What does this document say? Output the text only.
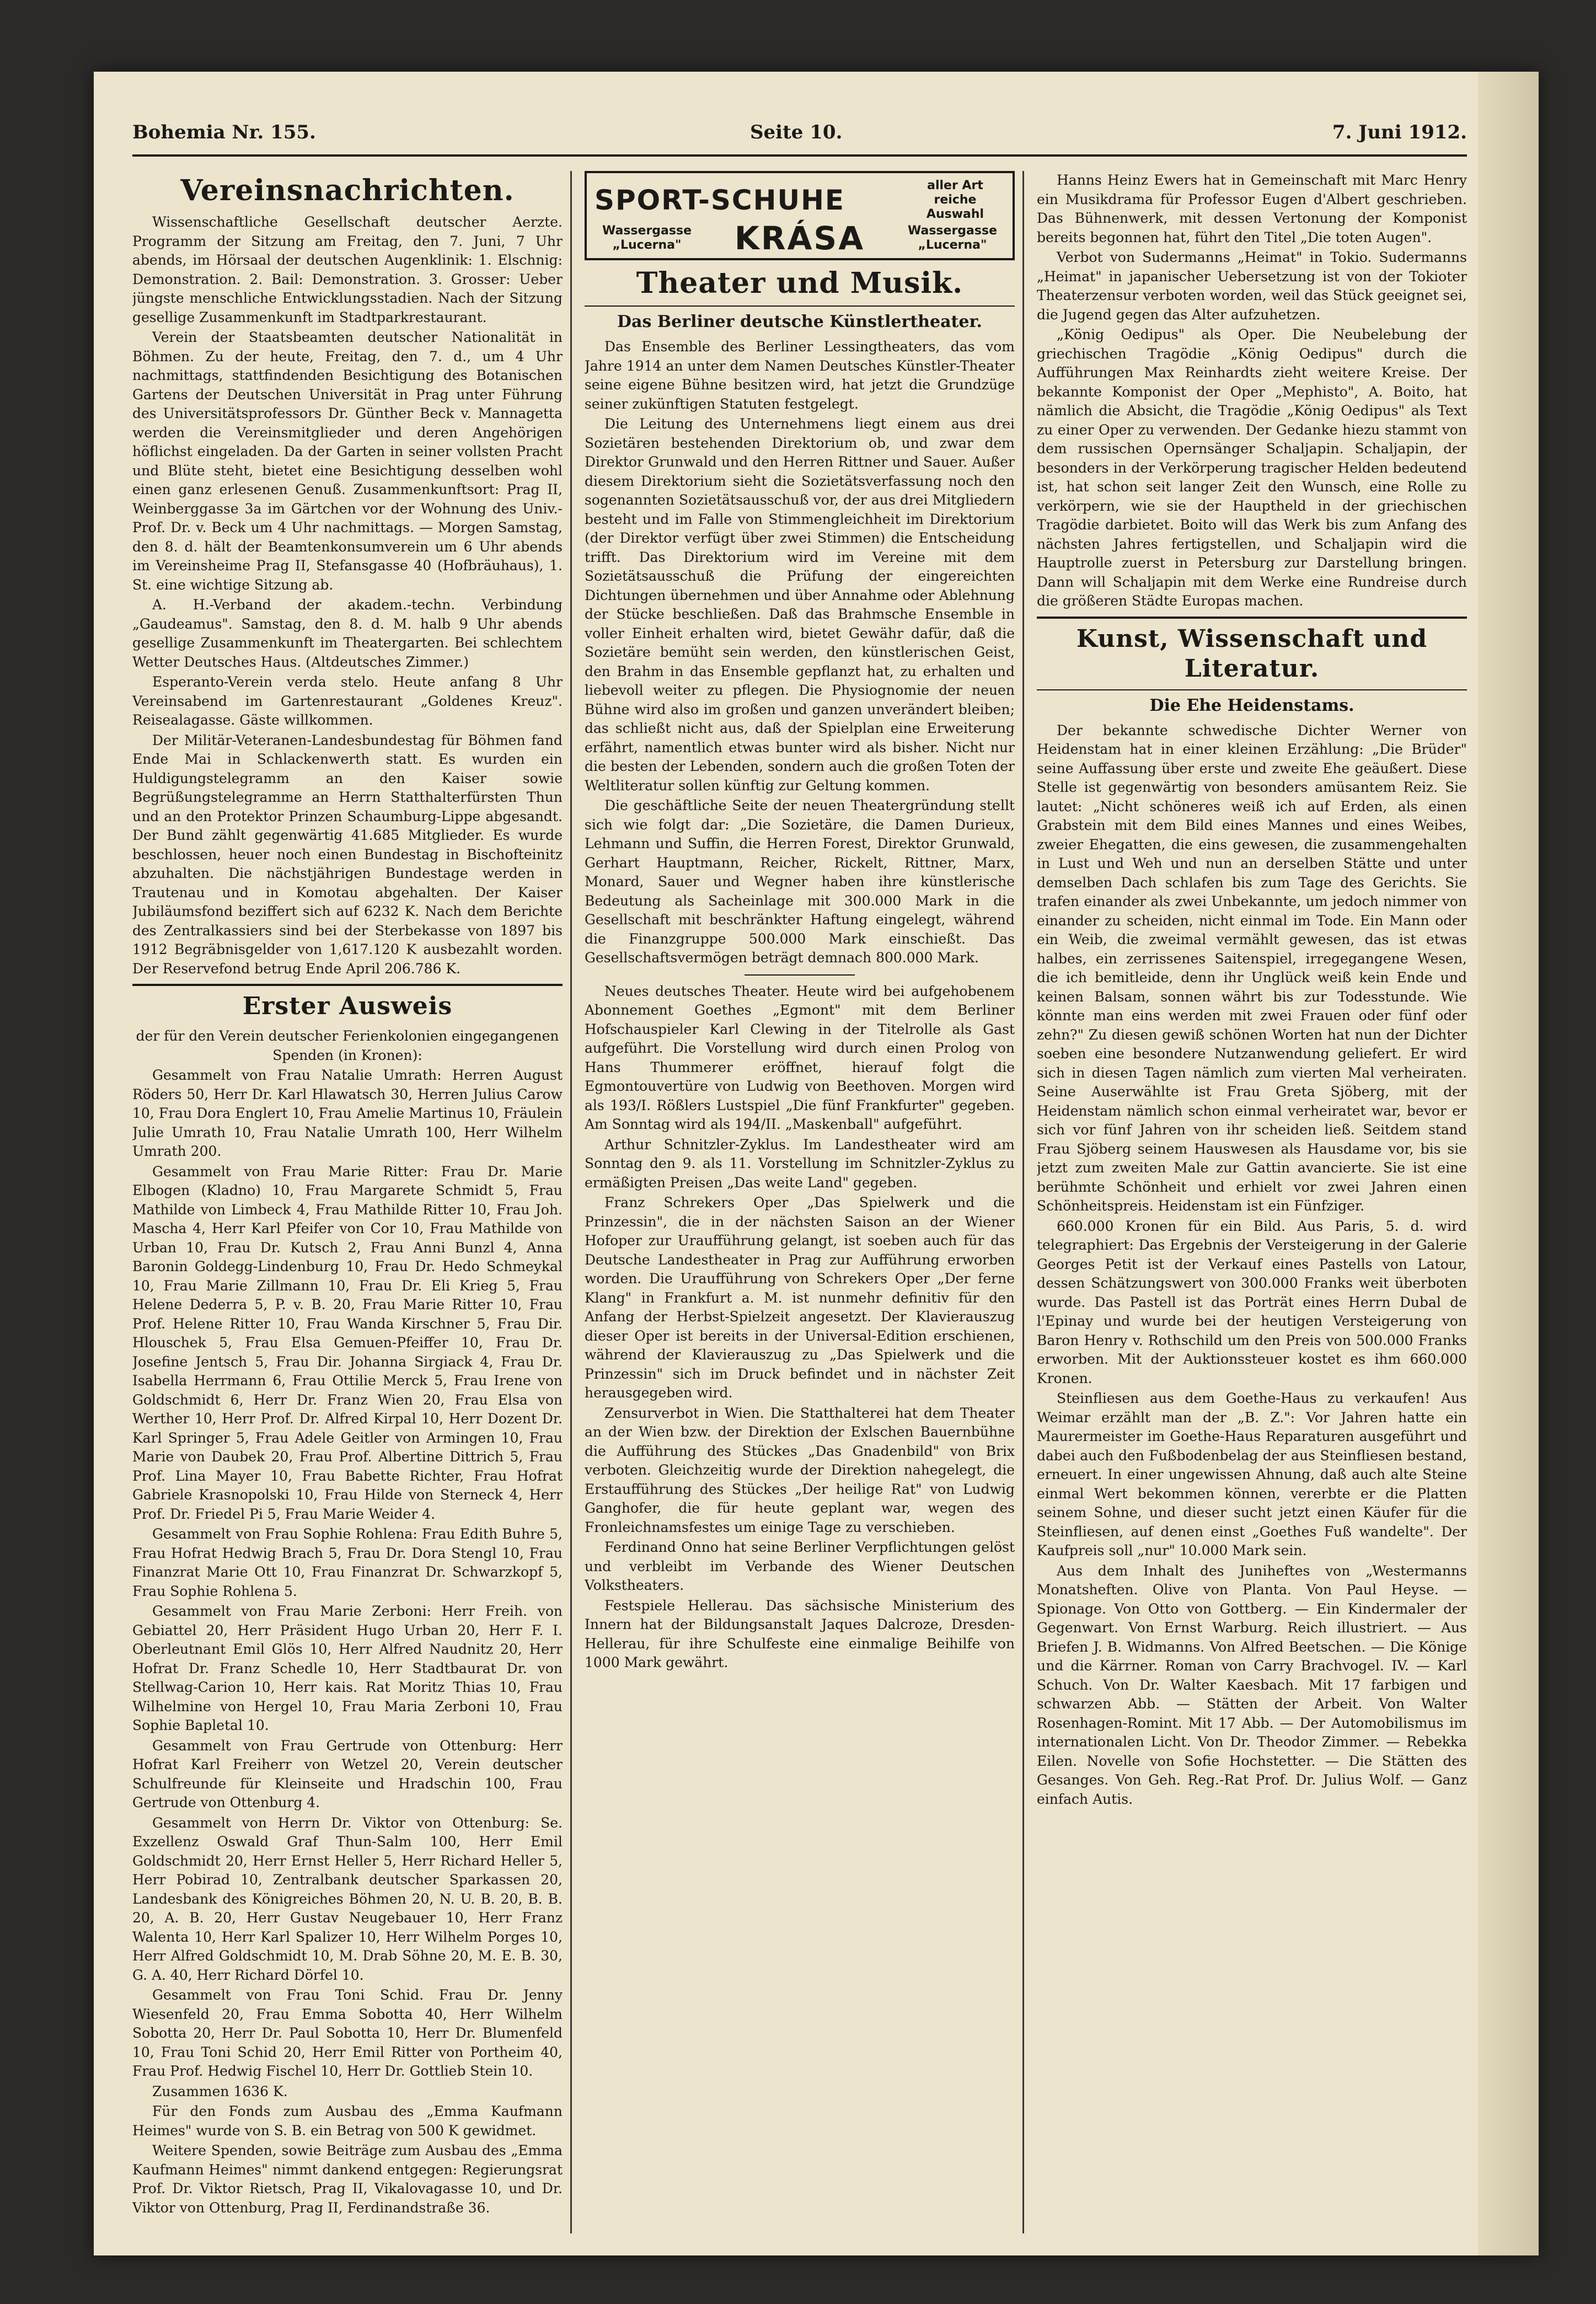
Bohemia Nr. 155.	Seite 10.	7. Juni 1912.
Vereinsnachrichten.

Wissenschaftliche Gesellschaft deutscher Aerzte. Programm der Sitzung am Freitag, den 7. Juni, 7 Uhr abends, im Hörsaal der deutschen Augenklinik: 1. Elschnig: Demonstration. 2. Bail: Demonstration. 3. Grosser: Ueber jüngste menschliche Entwicklungsstadien. Nach der Sitzung gesellige Zusammenkunft im Stadtparkrestaurant.

Verein der Staatsbeamten deutscher Nationalität in Böhmen. Zu der heute, Freitag, den 7. d., um 4 Uhr nachmittags, stattfindenden Besichtigung des Botanischen Gartens der Deutschen Universität in Prag unter Führung des Universitätsprofessors Dr. Günther Beck v. Mannagetta werden die Vereinsmitglieder und deren Angehörigen höflichst eingeladen. Da der Garten in seiner vollsten Pracht und Blüte steht, bietet eine Besichtigung desselben wohl einen ganz erlesenen Genuß. Zusammenkunftsort: Prag II, Weinberggasse 3a im Gärtchen vor der Wohnung des Univ.-Prof. Dr. v. Beck um 4 Uhr nachmittags. — Morgen Samstag, den 8. d. hält der Beamtenkonsumverein um 6 Uhr abends im Vereinsheime Prag II, Stefansgasse 40 (Hofbräuhaus), 1. St. eine wichtige Sitzung ab.

A. H.-Verband der akadem.-techn. Verbindung „Gaudeamus". Samstag, den 8. d. M. halb 9 Uhr abends gesellige Zusammenkunft im Theatergarten. Bei schlechtem Wetter Deutsches Haus. (Altdeutsches Zimmer.)

Esperanto-Verein verda stelo. Heute anfang 8 Uhr Vereinsabend im Gartenrestaurant „Goldenes Kreuz". Reisealagasse. Gäste willkommen.

Der Militär-Veteranen-Landesbundestag für Böhmen fand Ende Mai in Schlackenwerth statt. Es wurden ein Huldigungstelegramm an den Kaiser sowie Begrüßungstelegramme an Herrn Statthalterfürsten Thun und an den Protektor Prinzen Schaumburg-Lippe abgesandt. Der Bund zählt gegenwärtig 41.685 Mitglieder. Es wurde beschlossen, heuer noch einen Bundestag in Bischofteinitz abzuhalten. Die nächstjährigen Bundestage werden in Trautenau und in Komotau abgehalten. Der Kaiser Jubiläumsfond beziffert sich auf 6232 K. Nach dem Berichte des Zentralkassiers sind bei der Sterbekasse von 1897 bis 1912 Begräbnisgelder von 1,617.120 K ausbezahlt worden. Der Reservefond betrug Ende April 206.786 K.

Erster Ausweis

der für den Verein deutscher Ferienkolonien eingegangenen Spenden (in Kronen):

Gesammelt von Frau Natalie Umrath: Herren August Röders 50, Herr Dr. Karl Hlawatsch 30, Herren Julius Carow 10, Frau Dora Englert 10, Frau Amelie Martinus 10, Fräulein Julie Umrath 10, Frau Natalie Umrath 100, Herr Wilhelm Umrath 200.

Gesammelt von Frau Marie Ritter: Frau Dr. Marie Elbogen (Kladno) 10, Frau Margarete Schmidt 5, Frau Mathilde von Limbeck 4, Frau Mathilde Ritter 10, Frau Joh. Mascha 4, Herr Karl Pfeifer von Cor 10, Frau Mathilde von Urban 10, Frau Dr. Kutsch 2, Frau Anni Bunzl 4, Anna Baronin Goldegg-Lindenburg 10, Frau Dr. Hedo Schmeykal 10, Frau Marie Zillmann 10, Frau Dr. Eli Krieg 5, Frau Helene Dederra 5, P. v. B. 20, Frau Marie Ritter 10, Frau Prof. Helene Ritter 10, Frau Wanda Kirschner 5, Frau Dir. Hlouschek 5, Frau Elsa Gemuen-Pfeiffer 10, Frau Dr. Josefine Jentsch 5, Frau Dir. Johanna Sirgiack 4, Frau Dr. Isabella Herrmann 6, Frau Ottilie Merck 5, Frau Irene von Goldschmidt 6, Herr Dr. Franz Wien 20, Frau Elsa von Werther 10, Herr Prof. Dr. Alfred Kirpal 10, Herr Dozent Dr. Karl Springer 5, Frau Adele Geitler von Armingen 10, Frau Marie von Daubek 20, Frau Prof. Albertine Dittrich 5, Frau Prof. Lina Mayer 10, Frau Babette Richter, Frau Hofrat Gabriele Krasnopolski 10, Frau Hilde von Sterneck 4, Herr Prof. Dr. Friedel Pi 5, Frau Marie Weider 4.

Gesammelt von Frau Sophie Rohlena: Frau Edith Buhre 5, Frau Hofrat Hedwig Brach 5, Frau Dr. Dora Stengl 10, Frau Finanzrat Marie Ott 10, Frau Finanzrat Dr. Schwarzkopf 5, Frau Sophie Rohlena 5.

Gesammelt von Frau Marie Zerboni: Herr Freih. von Gebiattel 20, Herr Präsident Hugo Urban 20, Herr F. I. Oberleutnant Emil Glös 10, Herr Alfred Naudnitz 20, Herr Hofrat Dr. Franz Schedle 10, Herr Stadtbaurat Dr. von Stellwag-Carion 10, Herr kais. Rat Moritz Thias 10, Frau Wilhelmine von Hergel 10, Frau Maria Zerboni 10, Frau Sophie Bapletal 10.

Gesammelt von Frau Gertrude von Ottenburg: Herr Hofrat Karl Freiherr von Wetzel 20, Verein deutscher Schulfreunde für Kleinseite und Hradschin 100, Frau Gertrude von Ottenburg 4.

Gesammelt von Herrn Dr. Viktor von Ottenburg: Se. Exzellenz Oswald Graf Thun-Salm 100, Herr Emil Goldschmidt 20, Herr Ernst Heller 5, Herr Richard Heller 5, Herr Pobirad 10, Zentralbank deutscher Sparkassen 20, Landesbank des Königreiches Böhmen 20, N. U. B. 20, B. B. 20, A. B. 20, Herr Gustav Neugebauer 10, Herr Franz Walenta 10, Herr Karl Spalizer 10, Herr Wilhelm Porges 10, Herr Alfred Goldschmidt 10, M. Drab Söhne 20, M. E. B. 30, G. A. 40, Herr Richard Dörfel 10.

Gesammelt von Frau Toni Schid. Frau Dr. Jenny Wiesenfeld 20, Frau Emma Sobotta 40, Herr Wilhelm Sobotta 20, Herr Dr. Paul Sobotta 10, Herr Dr. Blumenfeld 10, Frau Toni Schid 20, Herr Emil Ritter von Portheim 40, Frau Prof. Hedwig Fischel 10, Herr Dr. Gottlieb Stein 10.

Zusammen 1636 K.

Für den Fonds zum Ausbau des „Emma Kaufmann Heimes" wurde von S. B. ein Betrag von 500 K gewidmet.

Weitere Spenden, sowie Beiträge zum Ausbau des „Emma Kaufmann Heimes" nimmt dankend entgegen: Regierungsrat Prof. Dr. Viktor Rietsch, Prag II, Vikalovagasse 10, und Dr. Viktor von Ottenburg, Prag II, Ferdinandstraße 36.

SPORT-SCHUHE	aller Art reiche Auswahl
Wassergasse „Lucerna"	KRÁSA	Wassergasse „Lucerna"
Theater und Musik.
Das Berliner deutsche Künstlertheater.

Das Ensemble des Berliner Lessingtheaters, das vom Jahre 1914 an unter dem Namen Deutsches Künstler-Theater seine eigene Bühne besitzen wird, hat jetzt die Grundzüge seiner zukünftigen Statuten festgelegt.

Die Leitung des Unternehmens liegt einem aus drei Sozietären bestehenden Direktorium ob, und zwar dem Direktor Grunwald und den Herren Rittner und Sauer. Außer diesem Direktorium sieht die Sozietätsverfassung noch den sogenannten Sozietätsausschuß vor, der aus drei Mitgliedern besteht und im Falle von Stimmengleichheit im Direktorium (der Direktor verfügt über zwei Stimmen) die Entscheidung trifft. Das Direktorium wird im Vereine mit dem Sozietätsausschuß die Prüfung der eingereichten Dichtungen übernehmen und über Annahme oder Ablehnung der Stücke beschließen. Daß das Brahmsche Ensemble in voller Einheit erhalten wird, bietet Gewähr dafür, daß die Sozietäre bemüht sein werden, den künstlerischen Geist, den Brahm in das Ensemble gepflanzt hat, zu erhalten und liebevoll weiter zu pflegen. Die Physiognomie der neuen Bühne wird also im großen und ganzen unverändert bleiben; das schließt nicht aus, daß der Spielplan eine Erweiterung erfährt, namentlich etwas bunter wird als bisher. Nicht nur die besten der Lebenden, sondern auch die großen Toten der Weltliteratur sollen künftig zur Geltung kommen.

Die geschäftliche Seite der neuen Theatergründung stellt sich wie folgt dar: „Die Sozietäre, die Damen Durieux, Lehmann und Suffin, die Herren Forest, Direktor Grunwald, Gerhart Hauptmann, Reicher, Rickelt, Rittner, Marx, Monard, Sauer und Wegner haben ihre künstlerische Bedeutung als Sacheinlage mit 300.000 Mark in die Gesellschaft mit beschränkter Haftung eingelegt, während die Finanzgruppe 500.000 Mark einschießt. Das Gesellschaftsvermögen beträgt demnach 800.000 Mark.

Neues deutsches Theater. Heute wird bei aufgehobenem Abonnement Goethes „Egmont" mit dem Berliner Hofschauspieler Karl Clewing in der Titelrolle als Gast aufgeführt. Die Vorstellung wird durch einen Prolog von Hans Thummerer eröffnet, hierauf folgt die Egmontouvertüre von Ludwig von Beethoven. Morgen wird als 193/I. Rößlers Lustspiel „Die fünf Frankfurter" gegeben. Am Sonntag wird als 194/II. „Maskenball" aufgeführt.

Arthur Schnitzler-Zyklus. Im Landestheater wird am Sonntag den 9. als 11. Vorstellung im Schnitzler-Zyklus zu ermäßigten Preisen „Das weite Land" gegeben.

Franz Schrekers Oper „Das Spielwerk und die Prinzessin", die in der nächsten Saison an der Wiener Hofoper zur Uraufführung gelangt, ist soeben auch für das Deutsche Landestheater in Prag zur Aufführung erworben worden. Die Uraufführung von Schrekers Oper „Der ferne Klang" in Frankfurt a. M. ist nunmehr definitiv für den Anfang der Herbst-Spielzeit angesetzt. Der Klavierauszug dieser Oper ist bereits in der Universal-Edition erschienen, während der Klavierauszug zu „Das Spielwerk und die Prinzessin" sich im Druck befindet und in nächster Zeit herausgegeben wird.

Zensurverbot in Wien. Die Statthalterei hat dem Theater an der Wien bzw. der Direktion der Exlschen Bauernbühne die Aufführung des Stückes „Das Gnadenbild" von Brix verboten. Gleichzeitig wurde der Direktion nahegelegt, die Erstaufführung des Stückes „Der heilige Rat" von Ludwig Ganghofer, die für heute geplant war, wegen des Fronleichnamsfestes um einige Tage zu verschieben.

Ferdinand Onno hat seine Berliner Verpflichtungen gelöst und verbleibt im Verbande des Wiener Deutschen Volkstheaters.

Festspiele Hellerau. Das sächsische Ministerium des Innern hat der Bildungsanstalt Jaques Dalcroze, Dresden-Hellerau, für ihre Schulfeste eine einmalige Beihilfe von 1000 Mark gewährt.

Hanns Heinz Ewers hat in Gemeinschaft mit Marc Henry ein Musikdrama für Professor Eugen d'Albert geschrieben. Das Bühnenwerk, mit dessen Vertonung der Komponist bereits begonnen hat, führt den Titel „Die toten Augen".

Verbot von Sudermanns „Heimat" in Tokio. Sudermanns „Heimat" in japanischer Uebersetzung ist von der Tokioter Theaterzensur verboten worden, weil das Stück geeignet sei, die Jugend gegen das Alter aufzuhetzen.

„König Oedipus" als Oper. Die Neubelebung der griechischen Tragödie „König Oedipus" durch die Aufführungen Max Reinhardts zieht weitere Kreise. Der bekannte Komponist der Oper „Mephisto", A. Boito, hat nämlich die Absicht, die Tragödie „König Oedipus" als Text zu einer Oper zu verwenden. Der Gedanke hiezu stammt von dem russischen Opernsänger Schaljapin. Schaljapin, der besonders in der Verkörperung tragischer Helden bedeutend ist, hat schon seit langer Zeit den Wunsch, eine Rolle zu verkörpern, wie sie der Hauptheld in der griechischen Tragödie darbietet. Boito will das Werk bis zum Anfang des nächsten Jahres fertigstellen, und Schaljapin wird die Hauptrolle zuerst in Petersburg zur Darstellung bringen. Dann will Schaljapin mit dem Werke eine Rundreise durch die größeren Städte Europas machen.

Kunst, Wissenschaft und Literatur.
Die Ehe Heidenstams.

Der bekannte schwedische Dichter Werner von Heidenstam hat in einer kleinen Erzählung: „Die Brüder" seine Auffassung über erste und zweite Ehe geäußert. Diese Stelle ist gegenwärtig von besonders amüsantem Reiz. Sie lautet: „Nicht schöneres weiß ich auf Erden, als einen Grabstein mit dem Bild eines Mannes und eines Weibes, zweier Ehegatten, die eins gewesen, die zusammengehalten in Lust und Weh und nun an derselben Stätte und unter demselben Dach schlafen bis zum Tage des Gerichts. Sie trafen einander als zwei Unbekannte, um jedoch nimmer von einander zu scheiden, nicht einmal im Tode. Ein Mann oder ein Weib, die zweimal vermählt gewesen, das ist etwas halbes, ein zerrissenes Saitenspiel, irregegangene Wesen, die ich bemitleide, denn ihr Unglück weiß kein Ende und keinen Balsam, sonnen währt bis zur Todesstunde. Wie könnte man eins werden mit zwei Frauen oder fünf oder zehn?" Zu diesen gewiß schönen Worten hat nun der Dichter soeben eine besondere Nutzanwendung geliefert. Er wird sich in diesen Tagen nämlich zum vierten Mal verheiraten. Seine Auserwählte ist Frau Greta Sjöberg, mit der Heidenstam nämlich schon einmal verheiratet war, bevor er sich vor fünf Jahren von ihr scheiden ließ. Seitdem stand Frau Sjöberg seinem Hauswesen als Hausdame vor, bis sie jetzt zum zweiten Male zur Gattin avancierte. Sie ist eine berühmte Schönheit und erhielt vor zwei Jahren einen Schönheitspreis. Heidenstam ist ein Fünfziger.

660.000 Kronen für ein Bild. Aus Paris, 5. d. wird telegraphiert: Das Ergebnis der Versteigerung in der Galerie Georges Petit ist der Verkauf eines Pastells von Latour, dessen Schätzungswert von 300.000 Franks weit überboten wurde. Das Pastell ist das Porträt eines Herrn Dubal de l'Epinay und wurde bei der heutigen Versteigerung von Baron Henry v. Rothschild um den Preis von 500.000 Franks erworben. Mit der Auktionssteuer kostet es ihm 660.000 Kronen.

Steinfliesen aus dem Goethe-Haus zu verkaufen! Aus Weimar erzählt man der „B. Z.": Vor Jahren hatte ein Maurermeister im Goethe-Haus Reparaturen ausgeführt und dabei auch den Fußbodenbelag der aus Steinfliesen bestand, erneuert. In einer ungewissen Ahnung, daß auch alte Steine einmal Wert bekommen können, vererbte er die Platten seinem Sohne, und dieser sucht jetzt einen Käufer für die Steinfliesen, auf denen einst „Goethes Fuß wandelte". Der Kaufpreis soll „nur" 10.000 Mark sein.

Aus dem Inhalt des Juniheftes von „Westermanns Monatsheften. Olive von Planta. Von Paul Heyse. — Spionage. Von Otto von Gottberg. — Ein Kindermaler der Gegenwart. Von Ernst Warburg. Reich illustriert. — Aus Briefen J. B. Widmanns. Von Alfred Beetschen. — Die Könige und die Kärrner. Roman von Carry Brachvogel. IV. — Karl Schuch. Von Dr. Walter Kaesbach. Mit 17 farbigen und schwarzen Abb. — Stätten der Arbeit. Von Walter Rosenhagen-Romint. Mit 17 Abb. — Der Automobilismus im internationalen Licht. Von Dr. Theodor Zimmer. — Rebekka Eilen. Novelle von Sofie Hochstetter. — Die Stätten des Gesanges. Von Geh. Reg.-Rat Prof. Dr. Julius Wolf. — Ganz einfach Autis.
